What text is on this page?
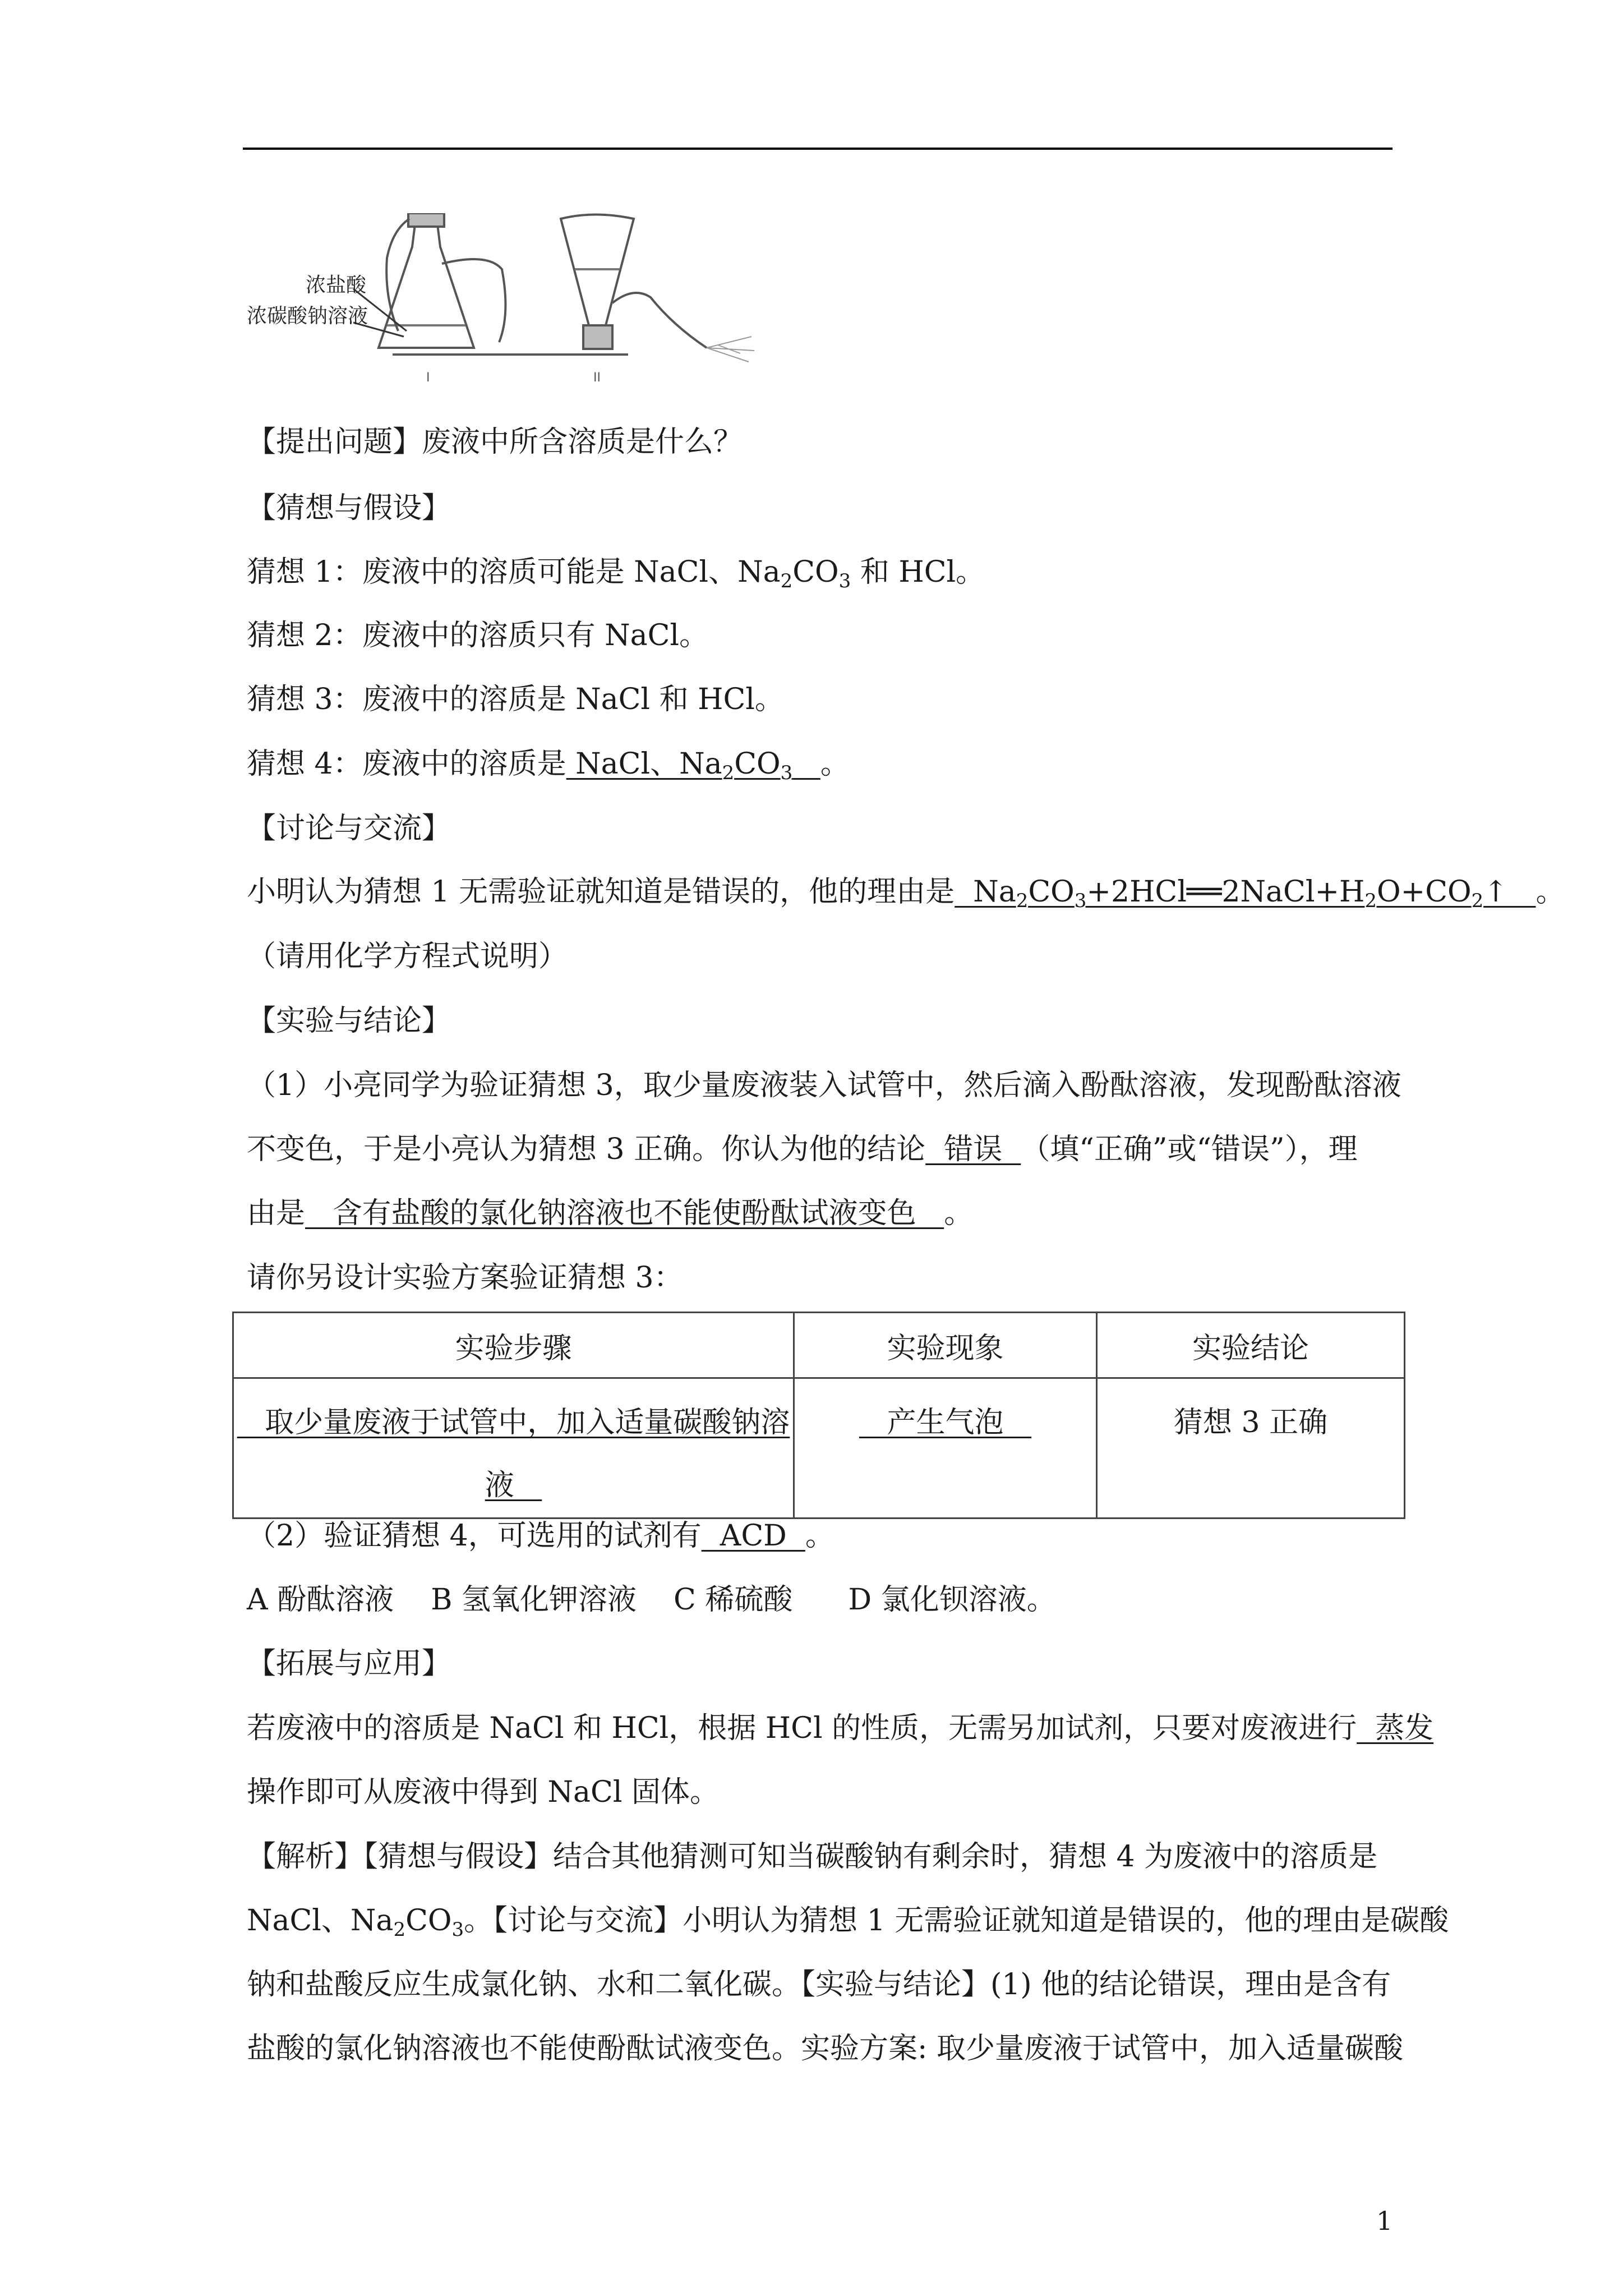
浓盐酸
浓碳酸钠溶液
I	II
【提出问题】废液中所含溶质是什么？
【猜想与假设】
猜想 1：废液中的溶质可能是 NaCl、$Na_2CO_3$ 和 HCl。
猜想 2：废液中的溶质只有 NaCl。
猜想 3：废液中的溶质是 NaCl 和 HCl。
猜想 4：废液中的溶质是 NaCl、$Na_2CO_3$ 。
【讨论与交流】
小明认为猜想 1 无需验证就知道是错误的，他的理由是  $Na_2CO_3+2HCl══2NaCl+H_2O+CO_2↑$   。
（请用化学方程式说明）
【实验与结论】
（1）小亮同学为验证猜想 3，取少量废液装入试管中，然后滴入酚酞溶液，发现酚酞溶液
不变色，于是小亮认为猜想 3 正确。你认为他的结论  错误  （填“正确”或“错误”），理
由是   含有盐酸的氯化钠溶液也不能使酚酞试液变色   。
请你另设计实验方案验证猜想 3：
实验步骤	实验现象	实验结论
取少量废液于试管中，加入适量碳酸钠溶
液	产生气泡	猜想 3 正确
（2）验证猜想 4，可选用的试剂有  ACD  。
A 酚酞溶液    B 氢氧化钾溶液    C 稀硫酸      D 氯化钡溶液。
【拓展与应用】
若废液中的溶质是 NaCl 和 HCl，根据 HCl 的性质，无需另加试剂，只要对废液进行  蒸发
操作即可从废液中得到 NaCl 固体。
【解析】【猜想与假设】结合其他猜测可知当碳酸钠有剩余时，猜想 4 为废液中的溶质是
NaCl、$Na_2CO_3$。【讨论与交流】小明认为猜想 1 无需验证就知道是错误的，他的理由是碳酸
钠和盐酸反应生成氯化钠、水和二氧化碳。【实验与结论】(1) 他的结论错误，理由是含有
盐酸的氯化钠溶液也不能使酚酞试液变色。实验方案: 取少量废液于试管中，加入适量碳酸
1
